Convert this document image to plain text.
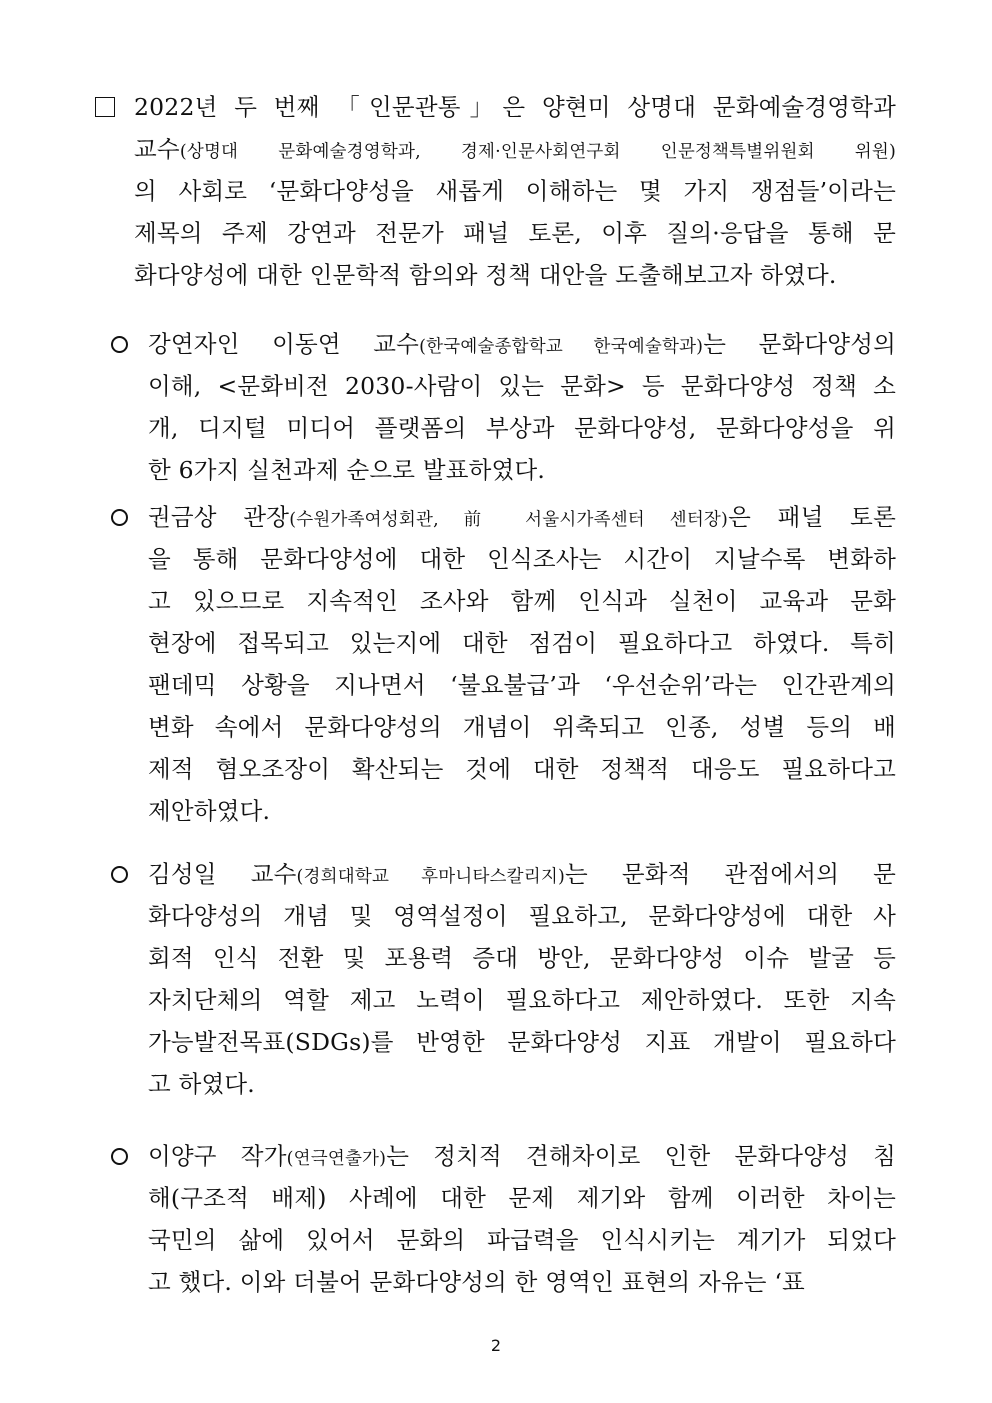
2022년 두 번째 「인문관통」은 양현미 상명대 문화예술경영학과
교수(상명대 문화예술경영학과, 경제·인문사회연구회 인문정책특별위원회 위원)
의 사회로 ‘문화다양성을 새롭게 이해하는 몇 가지 쟁점들’이라는
제목의 주제 강연과 전문가 패널 토론, 이후 질의·응답을 통해 문
화다양성에 대한 인문학적 함의와 정책 대안을 도출해보고자 하였다.
강연자인 이동연 교수(한국예술종합학교 한국예술학과)는 문화다양성의
이해, <문화비전 2030-사람이 있는 문화> 등 문화다양성 정책 소
개, 디지털 미디어 플랫폼의 부상과 문화다양성, 문화다양성을 위
한 6가지 실천과제 순으로 발표하였다.
권금상 관장(수원가족여성회관, 前 서울시가족센터 센터장)은 패널 토론
을 통해 문화다양성에 대한 인식조사는 시간이 지날수록 변화하
고 있으므로 지속적인 조사와 함께 인식과 실천이 교육과 문화
현장에 접목되고 있는지에 대한 점검이 필요하다고 하였다. 특히
팬데믹 상황을 지나면서 ‘불요불급’과 ‘우선순위’라는 인간관계의
변화 속에서 문화다양성의 개념이 위축되고 인종, 성별 등의 배
제적 혐오조장이 확산되는 것에 대한 정책적 대응도 필요하다고
제안하였다.
김성일 교수(경희대학교 후마니타스칼리지)는 문화적 관점에서의 문
화다양성의 개념 및 영역설정이 필요하고, 문화다양성에 대한 사
회적 인식 전환 및 포용력 증대 방안, 문화다양성 이슈 발굴 등
자치단체의 역할 제고 노력이 필요하다고 제안하였다. 또한 지속
가능발전목표(SDGs)를 반영한 문화다양성 지표 개발이 필요하다
고 하였다.
이양구 작가(연극연출가)는 정치적 견해차이로 인한 문화다양성 침
해(구조적 배제) 사례에 대한 문제 제기와 함께 이러한 차이는
국민의 삶에 있어서 문화의 파급력을 인식시키는 계기가 되었다
고 했다. 이와 더불어 문화다양성의 한 영역인 표현의 자유는 ‘표
2
